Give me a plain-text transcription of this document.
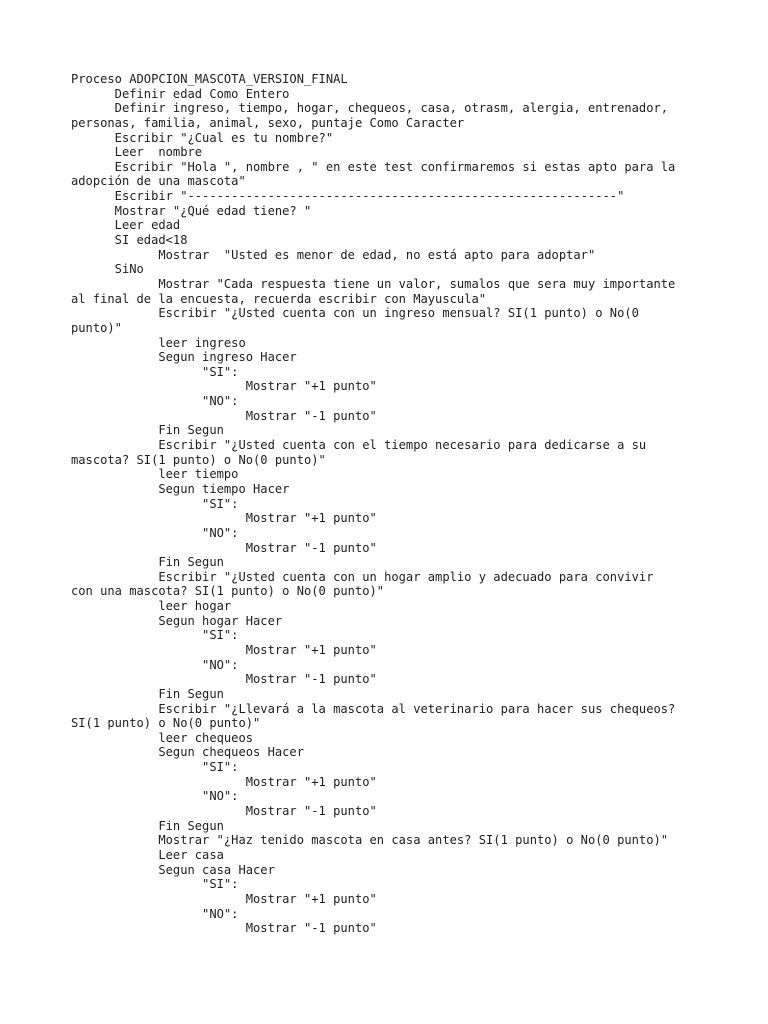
Proceso ADOPCION_MASCOTA_VERSION_FINAL
Definir edad Como Entero
Definir ingreso, tiempo, hogar, chequeos, casa, otrasm, alergia, entrenador,
personas, familia, animal, sexo, puntaje Como Caracter
Escribir "¿Cual es tu nombre?"
Leer  nombre
Escribir "Hola ", nombre , " en este test confirmaremos si estas apto para la
adopción de una mascota"
Escribir "-----------------------------------------------------------"
Mostrar "¿Qué edad tiene? "
Leer edad
SI edad<18
Mostrar  "Usted es menor de edad, no está apto para adoptar"
SiNo
Mostrar "Cada respuesta tiene un valor, sumalos que sera muy importante
al final de la encuesta, recuerda escribir con Mayuscula"
Escribir "¿Usted cuenta con un ingreso mensual? SI(1 punto) o No(0
punto)"
leer ingreso
Segun ingreso Hacer
"SI":
Mostrar "+1 punto"
"NO":
Mostrar "-1 punto"
Fin Segun
Escribir "¿Usted cuenta con el tiempo necesario para dedicarse a su
mascota? SI(1 punto) o No(0 punto)"
leer tiempo
Segun tiempo Hacer
"SI":
Mostrar "+1 punto"
"NO":
Mostrar "-1 punto"
Fin Segun
Escribir "¿Usted cuenta con un hogar amplio y adecuado para convivir
con una mascota? SI(1 punto) o No(0 punto)"
leer hogar
Segun hogar Hacer
"SI":
Mostrar "+1 punto"
"NO":
Mostrar "-1 punto"
Fin Segun
Escribir "¿Llevará a la mascota al veterinario para hacer sus chequeos?
SI(1 punto) o No(0 punto)"
leer chequeos
Segun chequeos Hacer
"SI":
Mostrar "+1 punto"
"NO":
Mostrar "-1 punto"
Fin Segun
Mostrar "¿Haz tenido mascota en casa antes? SI(1 punto) o No(0 punto)"
Leer casa
Segun casa Hacer
"SI":
Mostrar "+1 punto"
"NO":
Mostrar "-1 punto"
